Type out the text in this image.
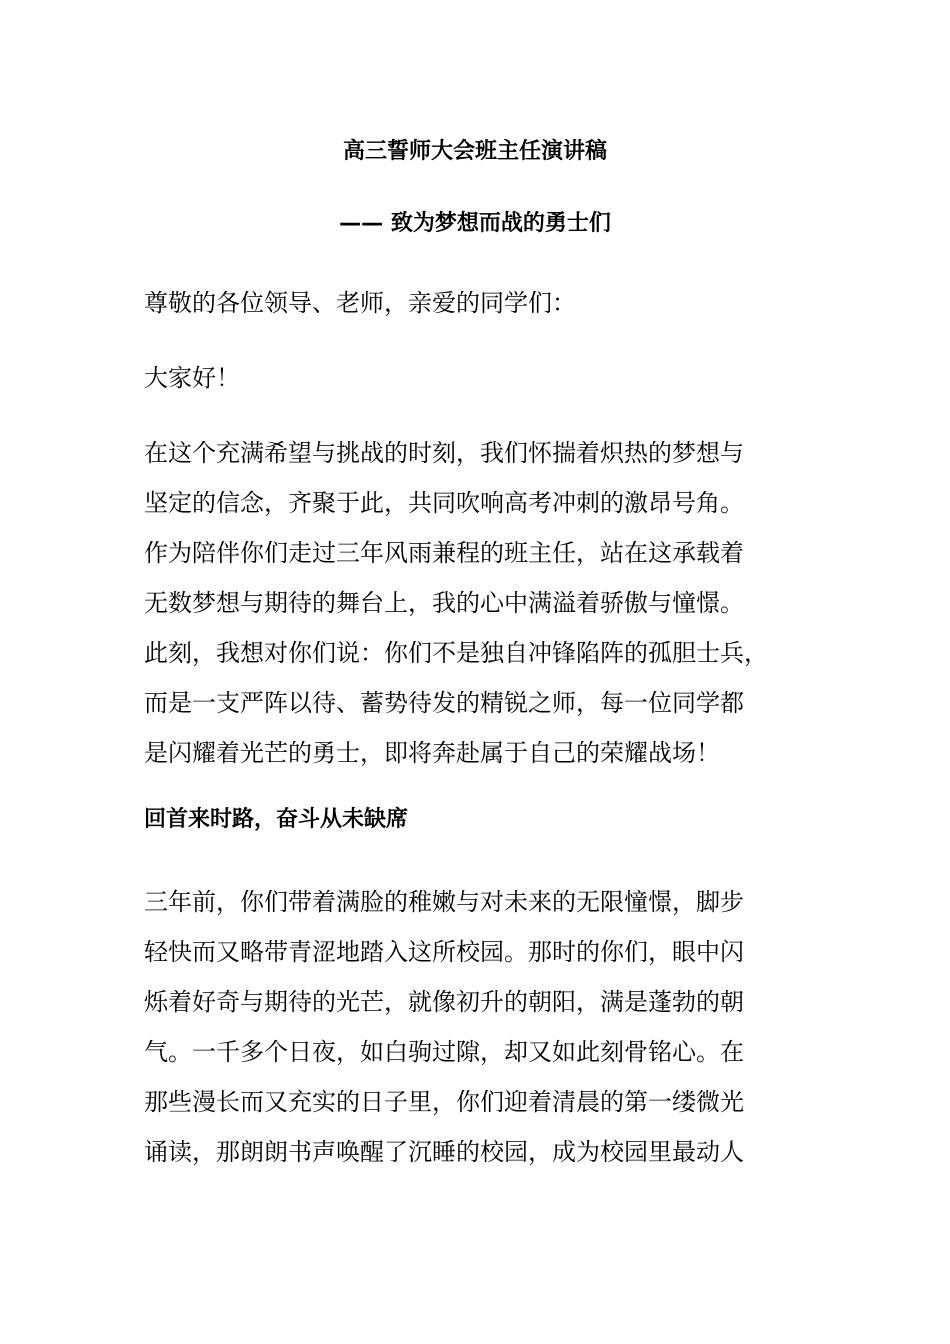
高三誓师大会班主任演讲稿
—— 致为梦想而战的勇士们

尊敬的各位领导、老师，亲爱的同学们：

大家好！

在这个充满希望与挑战的时刻，我们怀揣着炽热的梦想与
坚定的信念，齐聚于此，共同吹响高考冲刺的激昂号角。
作为陪伴你们走过三年风雨兼程的班主任，站在这承载着
无数梦想与期待的舞台上，我的心中满溢着骄傲与憧憬。
此刻，我想对你们说：你们不是独自冲锋陷阵的孤胆士兵，
而是一支严阵以待、蓄势待发的精锐之师，每一位同学都
是闪耀着光芒的勇士，即将奔赴属于自己的荣耀战场！
回首来时路，奋斗从未缺席
三年前，你们带着满脸的稚嫩与对未来的无限憧憬，脚步
轻快而又略带青涩地踏入这所校园。那时的你们，眼中闪
烁着好奇与期待的光芒，就像初升的朝阳，满是蓬勃的朝
气。一千多个日夜，如白驹过隙，却又如此刻骨铭心。在
那些漫长而又充实的日子里，你们迎着清晨的第一缕微光
诵读，那朗朗书声唤醒了沉睡的校园，成为校园里最动人
